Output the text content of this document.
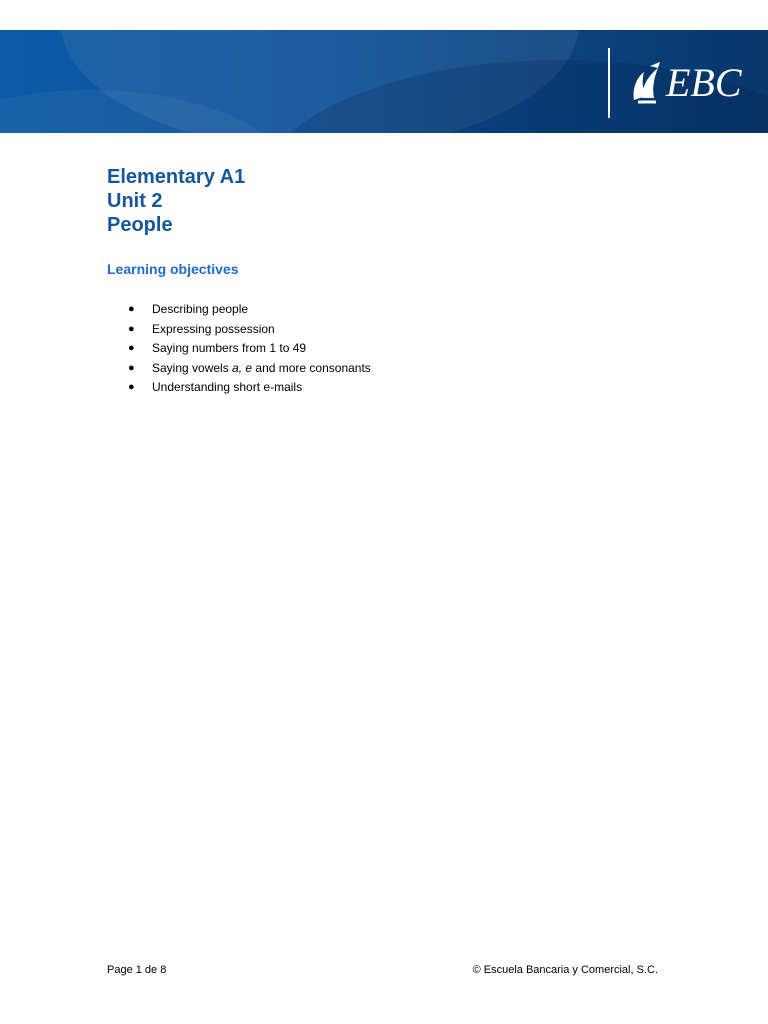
EBC
Elementary A1
Unit 2
People
Learning objectives
● Describing people
● Expressing possession
● Saying numbers from 1 to 49
● Saying vowels a, e and more consonants
● Understanding short e-mails
Page 1 de 8	© Escuela Bancaria y Comercial, S.C.
